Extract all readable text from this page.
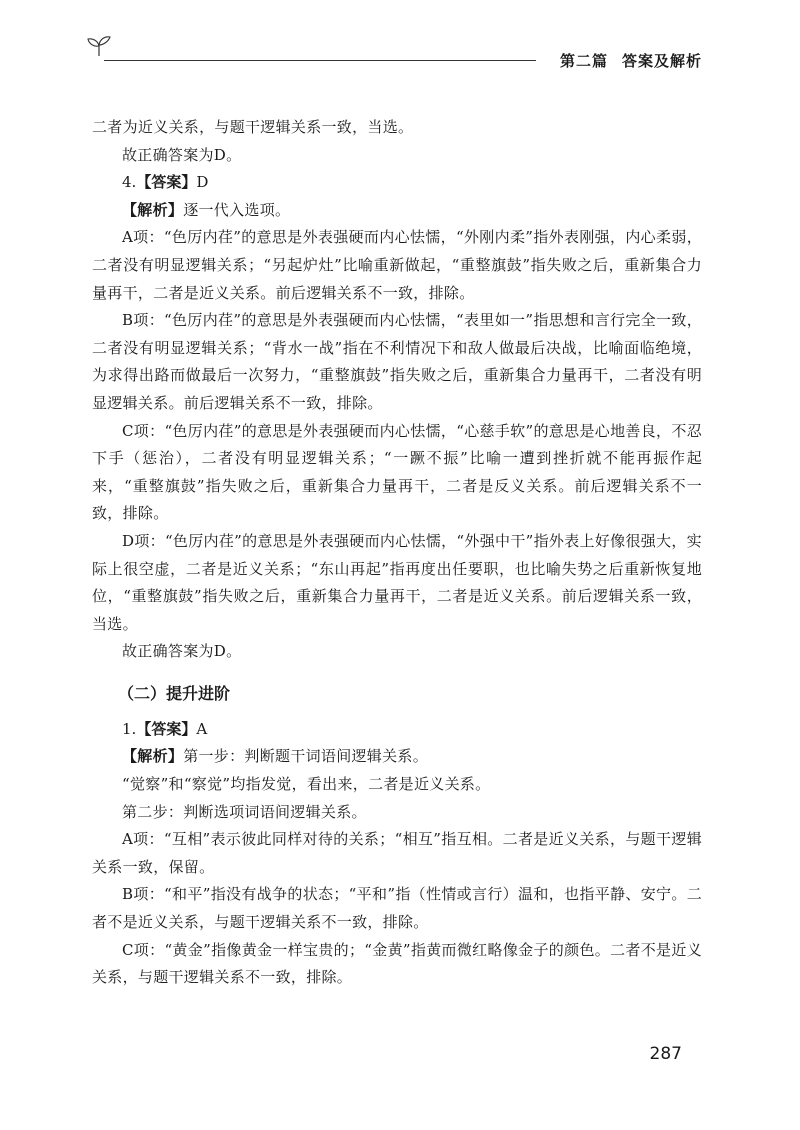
第二篇 答案及解析

二者为近义关系，与题干逻辑关系一致，当选。

故正确答案为D。

4.【答案】D

【解析】逐一代入选项。

A项：“色厉内荏”的意思是外表强硬而内心怯懦，“外刚内柔”指外表刚强，内心柔弱，二者没有明显逻辑关系；“另起炉灶”比喻重新做起，“重整旗鼓”指失败之后，重新集合力量再干，二者是近义关系。前后逻辑关系不一致，排除。

B项：“色厉内荏”的意思是外表强硬而内心怯懦，“表里如一”指思想和言行完全一致，二者没有明显逻辑关系；“背水一战”指在不利情况下和敌人做最后决战，比喻面临绝境，为求得出路而做最后一次努力，“重整旗鼓”指失败之后，重新集合力量再干，二者没有明显逻辑关系。前后逻辑关系不一致，排除。

C项：“色厉内荏”的意思是外表强硬而内心怯懦，“心慈手软”的意思是心地善良，不忍下手（惩治），二者没有明显逻辑关系；“一蹶不振”比喻一遭到挫折就不能再振作起来，“重整旗鼓”指失败之后，重新集合力量再干，二者是反义关系。前后逻辑关系不一致，排除。

D项：“色厉内荏”的意思是外表强硬而内心怯懦，“外强中干”指外表上好像很强大，实际上很空虚，二者是近义关系；“东山再起”指再度出任要职，也比喻失势之后重新恢复地位，“重整旗鼓”指失败之后，重新集合力量再干，二者是近义关系。前后逻辑关系一致，当选。

故正确答案为D。

（二）提升进阶

1.【答案】A

【解析】第一步：判断题干词语间逻辑关系。

“觉察”和“察觉”均指发觉，看出来，二者是近义关系。

第二步：判断选项词语间逻辑关系。

A项：“互相”表示彼此同样对待的关系；“相互”指互相。二者是近义关系，与题干逻辑关系一致，保留。

B项：“和平”指没有战争的状态；“平和”指（性情或言行）温和，也指平静、安宁。二者不是近义关系，与题干逻辑关系不一致，排除。

C项：“黄金”指像黄金一样宝贵的；“金黄”指黄而微红略像金子的颜色。二者不是近义关系，与题干逻辑关系不一致，排除。

287
